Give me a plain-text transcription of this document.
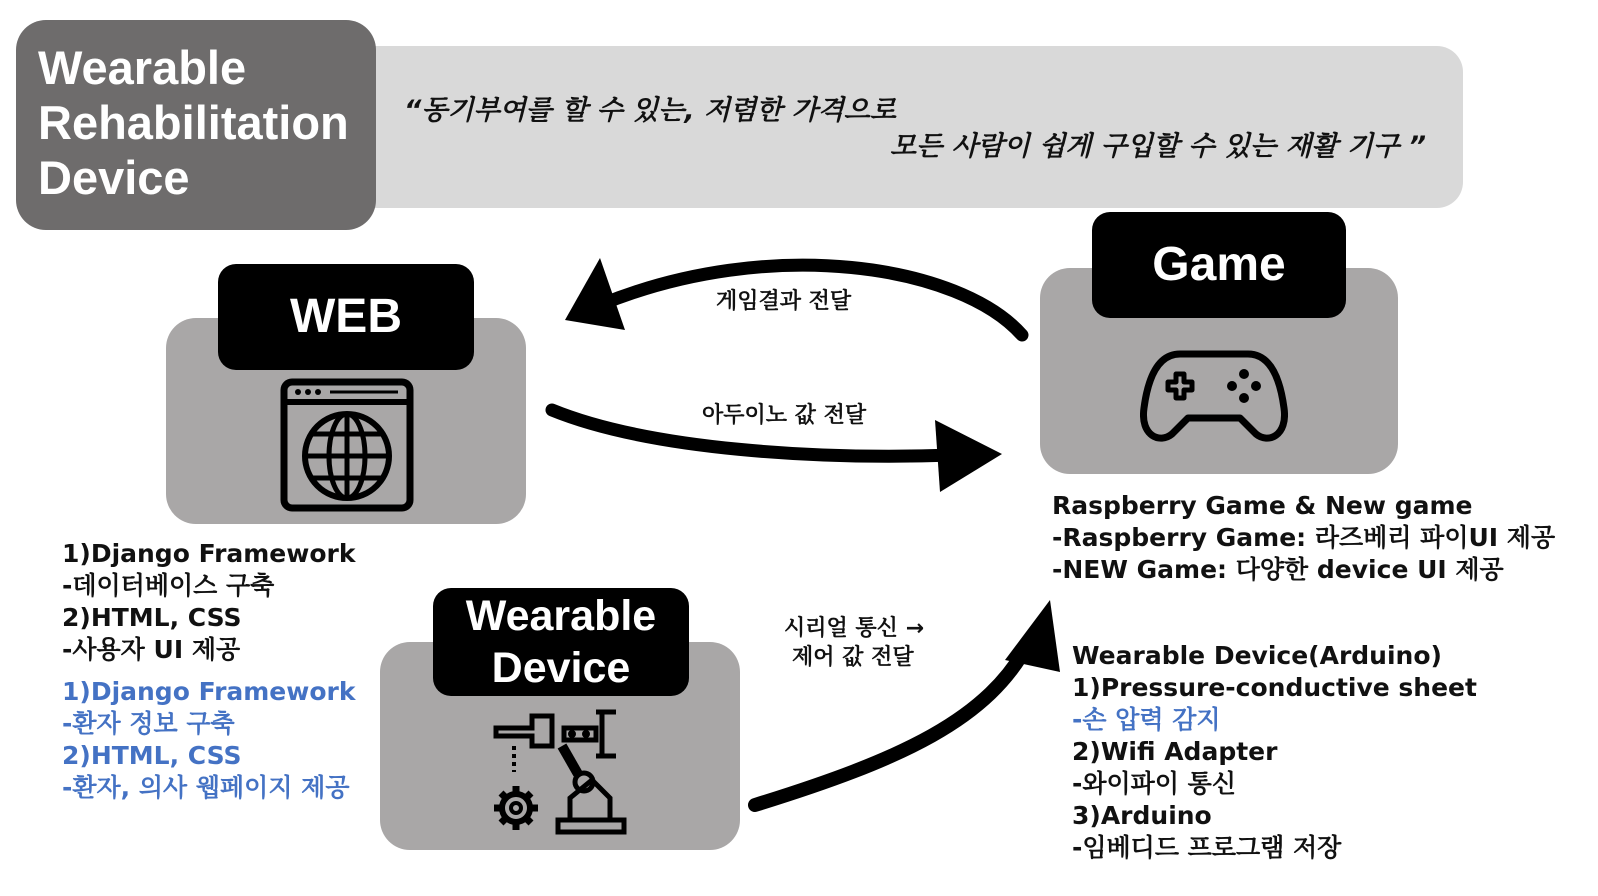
Wearable
Rehabilitation
Device
“동기부여를 할 수 있는, 저렴한 가격으로
모든 사람이 쉽게 구입할 수 있는 재활 기구 ”
게임결과 전달
아두이노 값 전달
시리얼 통신 →
제어 값 전달
WEB
1)Django Framework
-데이터베이스 구축
2)HTML, CSS
-사용자 UI 제공
1)Django Framework
-환자 정보 구축
2)HTML, CSS
-환자, 의사 웹페이지 제공
Game
Raspberry Game & New game
-Raspberry Game: 라즈베리 파이UI 제공
-NEW Game: 다양한 device UI 제공
Wearable
Device	Wearable Device(Arduino)
1)Pressure-conductive sheet
-손 압력 감지
2)Wifi Adapter
-와이파이 통신
3)Arduino
-임베디드 프로그램 저장
